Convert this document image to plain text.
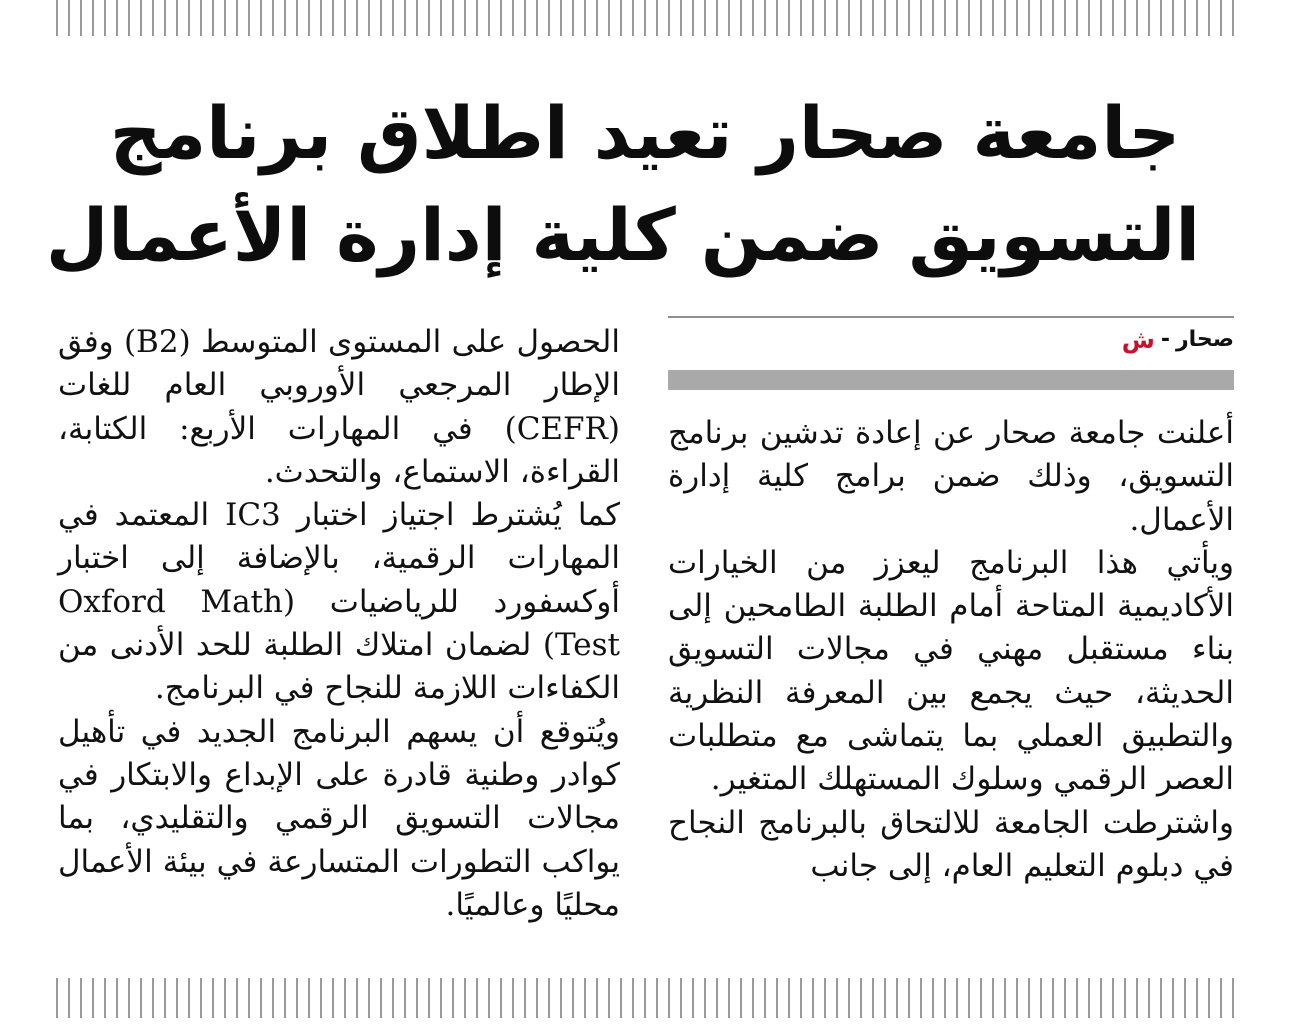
جامعة صحار تعيد اطلاق برنامج
التسويق ضمن كلية إدارة الأعمال
صحار
-
ش

أعلنت جامعة صحار عن إعادة تدشين برنامج التسويق، وذلك ضمن برامج كلية إدارة الأعمال.

ويأتي هذا البرنامج ليعزز من الخيارات الأكاديمية المتاحة أمام الطلبة الطامحين إلى بناء مستقبل مهني في مجالات التسويق الحديثة، حيث يجمع بين المعرفة النظرية والتطبيق العملي بما يتماشى مع متطلبات العصر الرقمي وسلوك المستهلك المتغير.

واشترطت الجامعة للالتحاق بالبرنامج النجاح في دبلوم التعليم العام، إلى جانب

الحصول على المستوى المتوسط (B2) وفق الإطار المرجعي الأوروبي العام للغات (CEFR) في المهارات الأربع: الكتابة، القراءة، الاستماع، والتحدث.

كما يُشترط اجتياز اختبار IC3 المعتمد في المهارات الرقمية، بالإضافة إلى اختبار أوكسفورد للرياضيات (Oxford Math Test) لضمان امتلاك الطلبة للحد الأدنى من الكفاءات اللازمة للنجاح في البرنامج.

ويُتوقع أن يسهم البرنامج الجديد في تأهيل كوادر وطنية قادرة على الإبداع والابتكار في مجالات التسويق الرقمي والتقليدي، بما يواكب التطورات المتسارعة في بيئة الأعمال محليًا وعالميًا.
